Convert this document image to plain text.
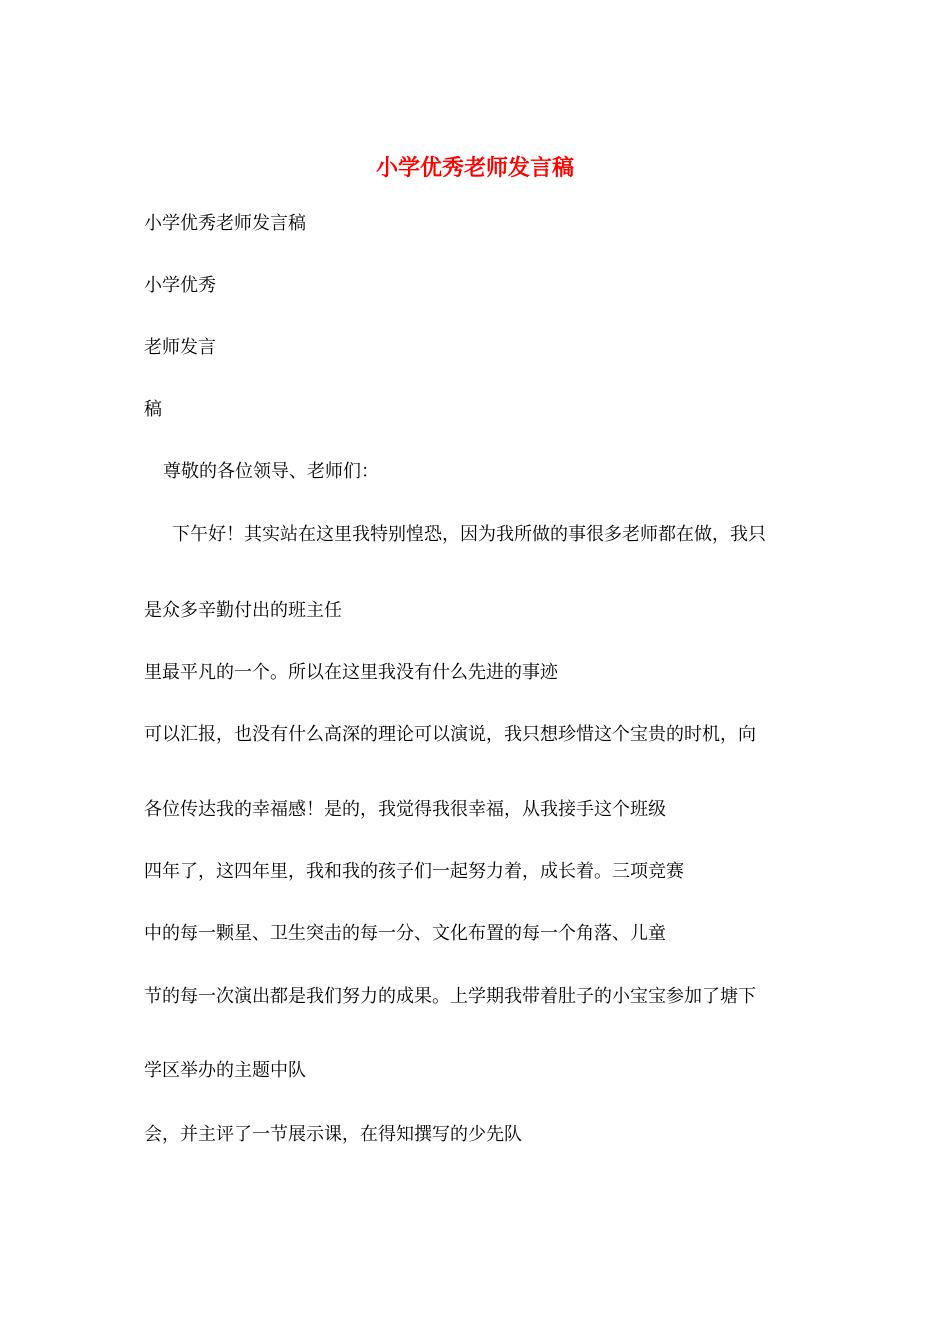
小学优秀老师发言稿
小学优秀老师发言稿
小学优秀
老师发言
稿
尊敬的各位领导、老师们：
下午好！其实站在这里我特别惶恐，因为我所做的事很多老师都在做，我只
是众多辛勤付出的班主任
里最平凡的一个。所以在这里我没有什么先进的事迹
可以汇报，也没有什么高深的理论可以演说，我只想珍惜这个宝贵的时机，向
各位传达我的幸福感！是的，我觉得我很幸福，从我接手这个班级
四年了，这四年里，我和我的孩子们一起努力着，成长着。三项竞赛
中的每一颗星、卫生突击的每一分、文化布置的每一个角落、儿童
节的每一次演出都是我们努力的成果。上学期我带着肚子的小宝宝参加了塘下
学区举办的主题中队
会，并主评了一节展示课，在得知撰写的少先队
